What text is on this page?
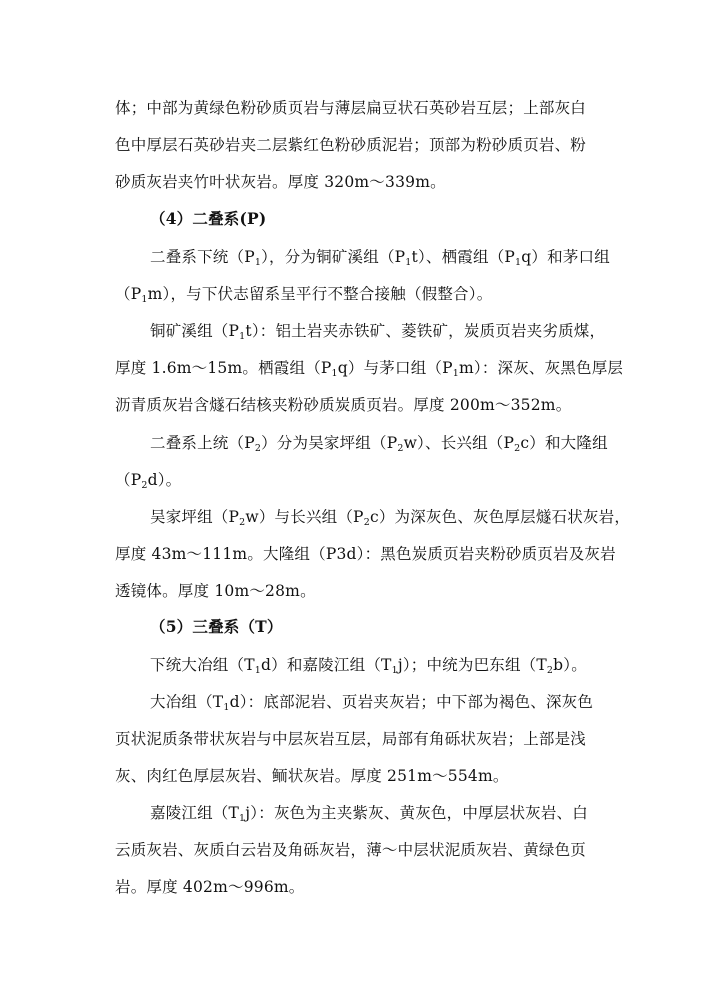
体；中部为黄绿色粉砂质页岩与薄层扁豆状石英砂岩互层；上部灰白
色中厚层石英砂岩夹二层紫红色粉砂质泥岩；顶部为粉砂质页岩、粉
砂质灰岩夹竹叶状灰岩。厚度 320m～339m。
（4）二叠系(P)
二叠系下统$(P_1)$，分为铜矿溪组$(P_1t)$、栖霞组$(P_1q)$和茅口组
$(P_1m)$，与下伏志留系呈平行不整合接触（假整合）。
铜矿溪组$(P_1t)$：铝土岩夹赤铁矿、菱铁矿，炭质页岩夹劣质煤，
厚度 1.6m～15m。栖霞组$(P_1q)$与茅口组$(P_1m)$：深灰、灰黑色厚层
沥青质灰岩含燧石结核夹粉砂质炭质页岩。厚度 200m～352m。
二叠系上统$(P_2)$分为吴家坪组$(P_2w)$、长兴组$(P_2c)$和大隆组
$(P_2d)$。
吴家坪组$(P_2w)$与长兴组$(P_2c)$为深灰色、灰色厚层燧石状灰岩，
厚度 43m～111m。大隆组（P3d）：黑色炭质页岩夹粉砂质页岩及灰岩
透镜体。厚度 10m～28m。
（5）三叠系（T）
下统大冶组$(T_1d)$和嘉陵江组$(T_1j)$；中统为巴东组$(T_2b)$。
大冶组$(T_1d)$：底部泥岩、页岩夹灰岩；中下部为褐色、深灰色
页状泥质条带状灰岩与中层灰岩互层，局部有角砾状灰岩；上部是浅
灰、肉红色厚层灰岩、鲕状灰岩。厚度 251m～554m。
嘉陵江组$(T_1j)$：灰色为主夹紫灰、黄灰色，中厚层状灰岩、白
云质灰岩、灰质白云岩及角砾灰岩，薄～中层状泥质灰岩、黄绿色页
岩。厚度 402m～996m。
